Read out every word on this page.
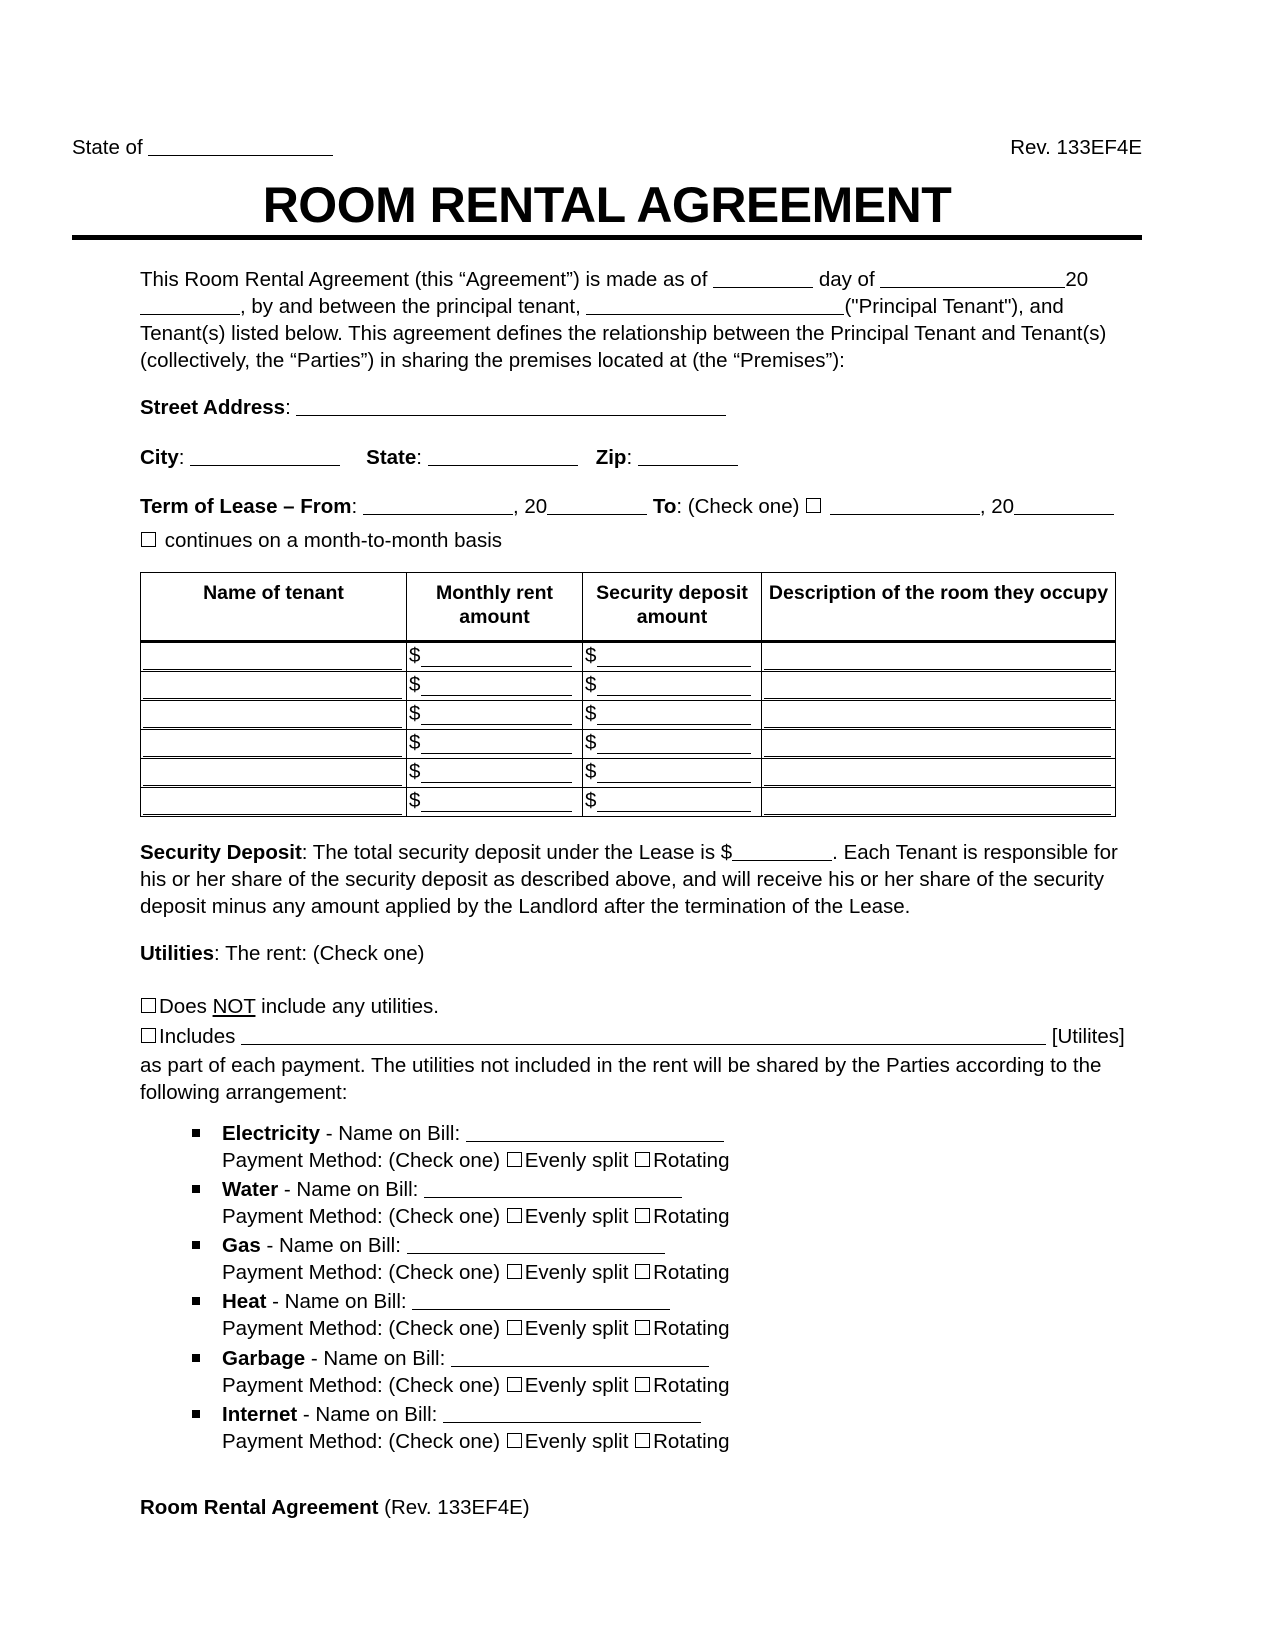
State of	Rev. 133EF4E
ROOM RENTAL AGREEMENT

This Room Rental Agreement (this “Agreement”) is made as of	day of	20, by and between the principal tenant,	("Principal Tenant"), and Tenant(s) listed below. This agreement defines the relationship between the Principal Tenant and Tenant(s) (collectively, the “Parties”) in sharing the premises located at (the “Premises”):

Street Address:
City:	State:	Zip:
Term of Lease – From:	, 20	To: (Check one)	, 20
continues on a month-to-month basis
Name of tenant	Monthly rent amount	Security deposit amount	Description of the room they occupy

	$	$	

	$	$	

	$	$	

	$	$	

	$	$	

	$	$	

Security Deposit: The total security deposit under the Lease is $	. Each Tenant is responsible for his or her share of the security deposit as described above, and will receive his or her share of the security deposit minus any amount applied by the Landlord after the termination of the Lease.

Utilities: The rent: (Check one)

Does NOT include any utilities.
Includes	[Utilites]

as part of each payment. The utilities not included in the rent will be shared by the Parties according to the following arrangement:

Electricity - Name on Bill:
Payment Method: (Check one) Evenly split Rotating
Water - Name on Bill:
Payment Method: (Check one) Evenly split Rotating
Gas - Name on Bill:
Payment Method: (Check one) Evenly split Rotating
Heat - Name on Bill:
Payment Method: (Check one) Evenly split Rotating
Garbage - Name on Bill:
Payment Method: (Check one) Evenly split Rotating
Internet - Name on Bill:
Payment Method: (Check one) Evenly split Rotating
Room Rental Agreement (Rev. 133EF4E)
